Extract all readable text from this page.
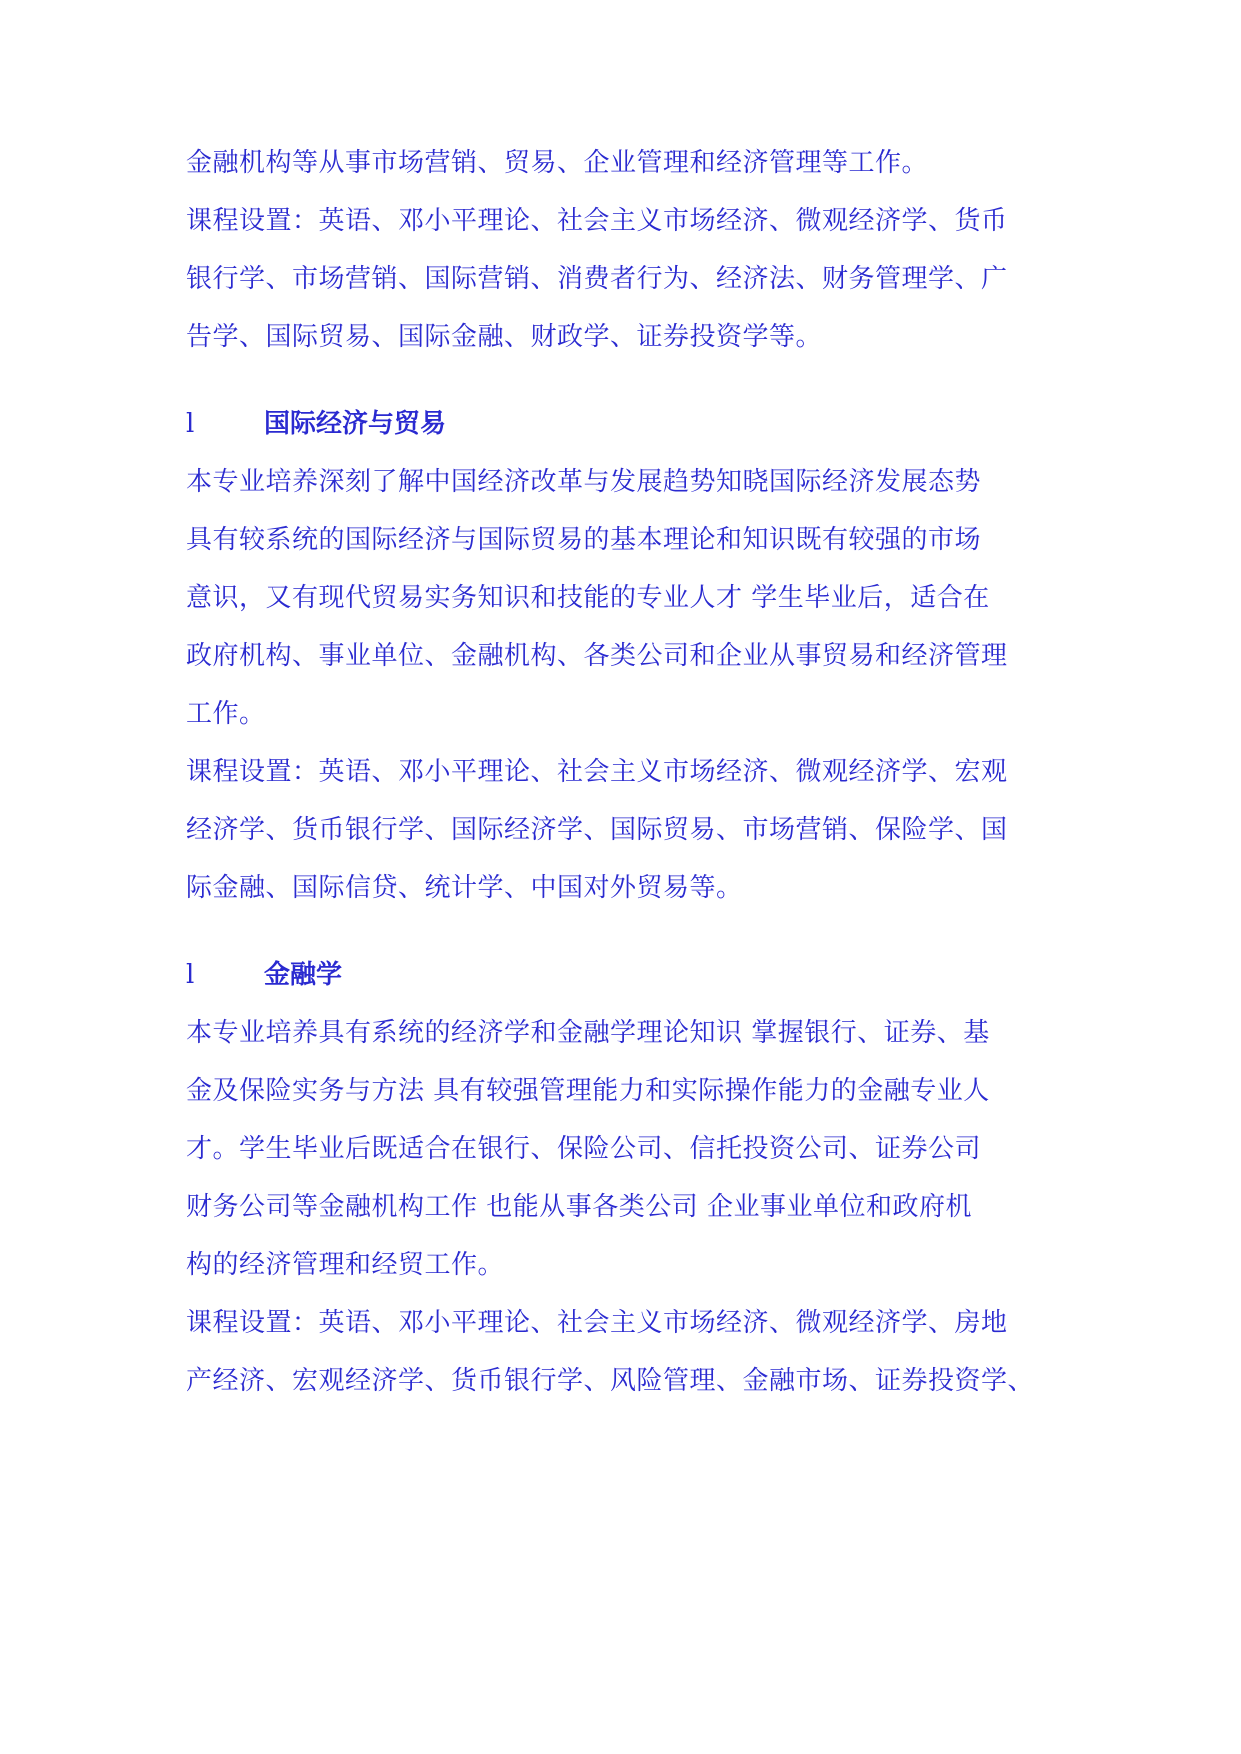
金融机构等从事市场营销、贸易、企业管理和经济管理等工作。
课程设置：英语、邓小平理论、社会主义市场经济、微观经济学、货币
银行学、市场营销、国际营销、消费者行为、经济法、财务管理学、广
告学、国际贸易、国际金融、财政学、证券投资学等。
l	国际经济与贸易
本专业培养深刻了解中国经济改革与发展趋势知晓国际经济发展态势
具有较系统的国际经济与国际贸易的基本理论和知识既有较强的市场
意识，又有现代贸易实务知识和技能的专业人才 学生毕业后，适合在
政府机构、事业单位、金融机构、各类公司和企业从事贸易和经济管理
工作。
课程设置：英语、邓小平理论、社会主义市场经济、微观经济学、宏观
经济学、货币银行学、国际经济学、国际贸易、市场营销、保险学、国
际金融、国际信贷、统计学、中国对外贸易等。
l	金融学
本专业培养具有系统的经济学和金融学理论知识 掌握银行、证券、基
金及保险实务与方法 具有较强管理能力和实际操作能力的金融专业人
才。学生毕业后既适合在银行、保险公司、信托投资公司、证券公司
财务公司等金融机构工作 也能从事各类公司 企业事业单位和政府机
构的经济管理和经贸工作。
课程设置：英语、邓小平理论、社会主义市场经济、微观经济学、房地
产经济、宏观经济学、货币银行学、风险管理、金融市场、证券投资学、
